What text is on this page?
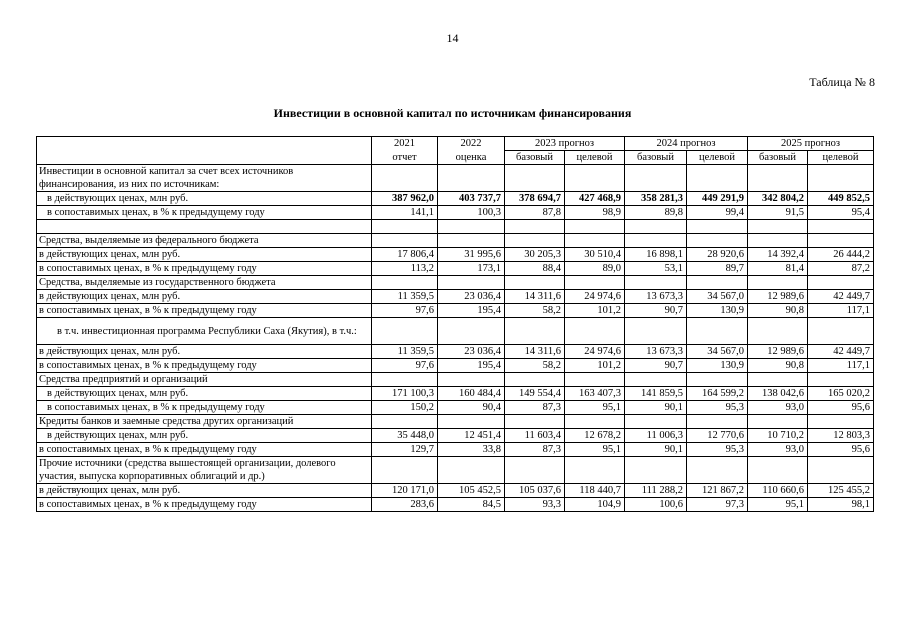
14
Таблица № 8
Инвестиции в основной капитал по источникам финансирования
	2021	2022	2023 прогноз		2024 прогноз		2025 прогноз	
	отчет	оценка	базовый	целевой	базовый	целевой	базовый	целевой
Инвестиции в основной капитал за счет всех источников финансирования, из них по источникам:								
в действующих ценах, млн руб.	387 962,0	403 737,7	378 694,7	427 468,9	358 281,3	449 291,9	342 804,2	449 852,5
в сопоставимых ценах, в % к предыдущему году	141,1	100,3	87,8	98,9	89,8	99,4	91,5	95,4

Средства, выделяемые из федерального бюджета								
в действующих ценах, млн руб.	17 806,4	31 995,6	30 205,3	30 510,4	16 898,1	28 920,6	14 392,4	26 444,2
в сопоставимых ценах, в % к предыдущему году	113,2	173,1	88,4	89,0	53,1	89,7	81,4	87,2
Средства, выделяемые из государственного бюджета								
в действующих ценах, млн руб.	11 359,5	23 036,4	14 311,6	24 974,6	13 673,3	34 567,0	12 989,6	42 449,7
в сопоставимых ценах, в % к предыдущему году	97,6	195,4	58,2	101,2	90,7	130,9	90,8	117,1
в т.ч. инвестиционная программа Республики Саха (Якутия), в т.ч.:								
в действующих ценах, млн руб.	11 359,5	23 036,4	14 311,6	24 974,6	13 673,3	34 567,0	12 989,6	42 449,7
в сопоставимых ценах, в % к предыдущему году	97,6	195,4	58,2	101,2	90,7	130,9	90,8	117,1
Средства предприятий и организаций								
в действующих ценах, млн руб.	171 100,3	160 484,4	149 554,4	163 407,3	141 859,5	164 599,2	138 042,6	165 020,2
в сопоставимых ценах, в % к предыдущему году	150,2	90,4	87,3	95,1	90,1	95,3	93,0	95,6
Кредиты банков и заемные средства других организаций								
в действующих ценах, млн руб.	35 448,0	12 451,4	11 603,4	12 678,2	11 006,3	12 770,6	10 710,2	12 803,3
в сопоставимых ценах, в % к предыдущему году	129,7	33,8	87,3	95,1	90,1	95,3	93,0	95,6
Прочие источники (средства вышестоящей организации, долевого участия, выпуска корпоративных облигаций и др.)								
в действующих ценах, млн руб.	120 171,0	105 452,5	105 037,6	118 440,7	111 288,2	121 867,2	110 660,6	125 455,2
в сопоставимых ценах, в % к предыдущему году	283,6	84,5	93,3	104,9	100,6	97,3	95,1	98,1
